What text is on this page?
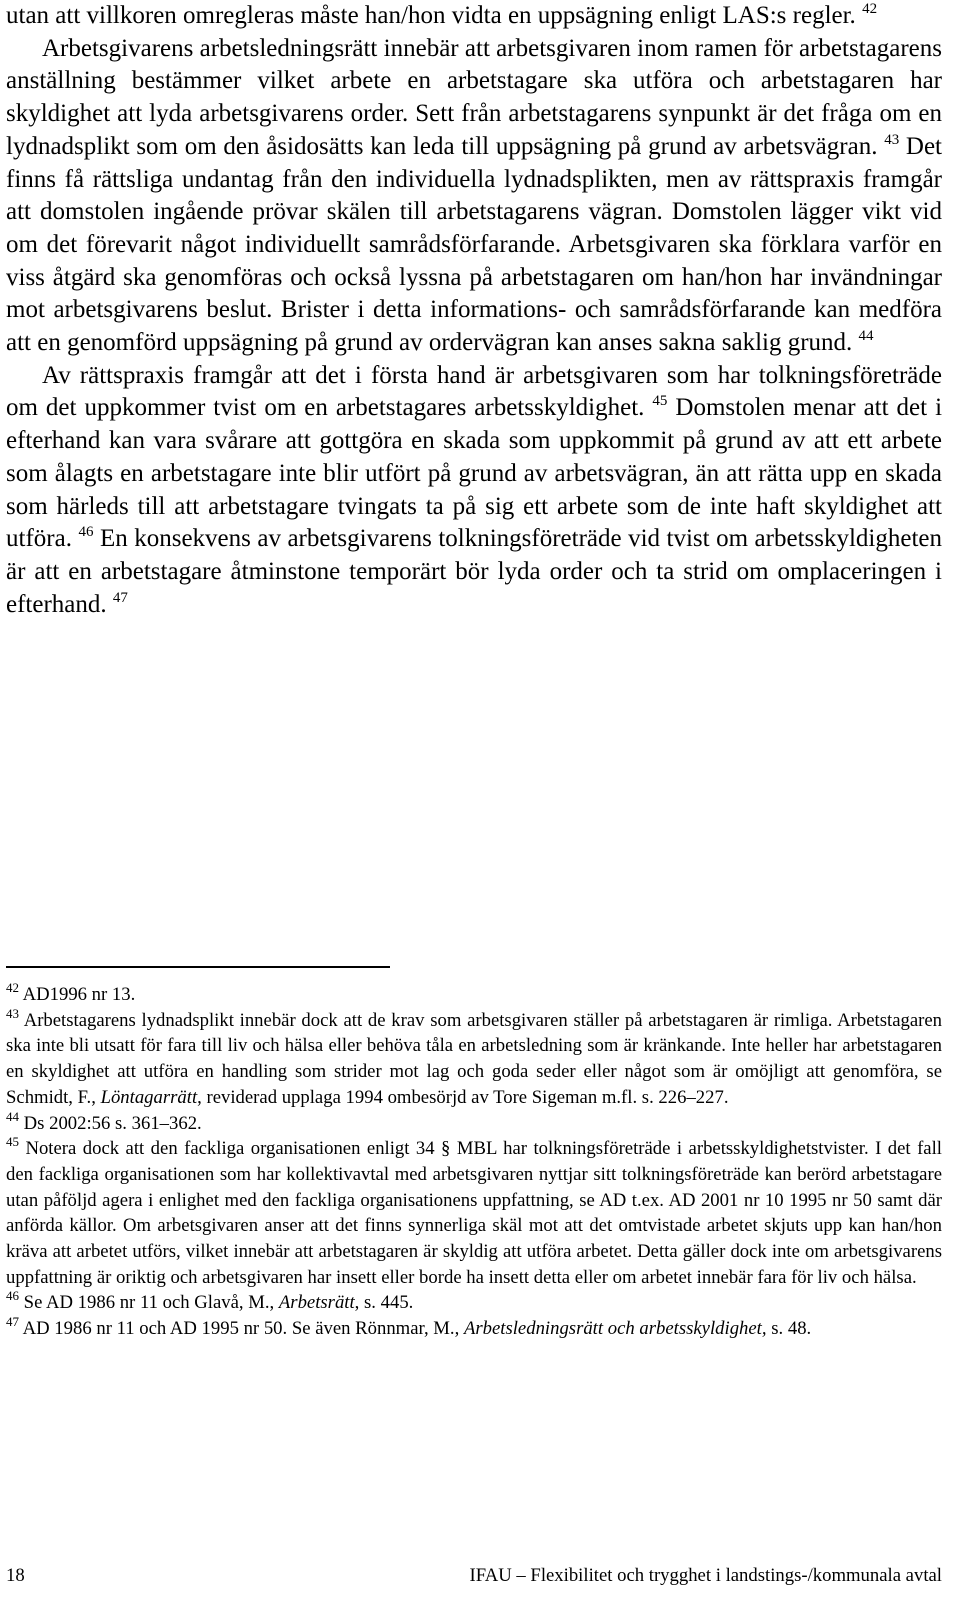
utan att villkoren omregleras måste han/hon vidta en uppsägning enligt LAS:s regler. $^{42}$

Arbetsgivarens arbetsledningsrätt innebär att arbetsgivaren inom ramen för arbetstagarens anställning bestämmer vilket arbete en arbetstagare ska utföra och arbetstagaren har skyldighet att lyda arbetsgivarens order. Sett från arbetstagarens synpunkt är det fråga om en lydnadsplikt som om den åsidosätts kan leda till uppsägning på grund av arbetsvägran. $^{43}$ Det finns få rättsliga undantag från den individuella lydnadsplikten, men av rättspraxis framgår att domstolen ingående prövar skälen till arbetstagarens vägran. Domstolen lägger vikt vid om det förevarit något individuellt samrådsförfarande. Arbetsgivaren ska förklara varför en viss åtgärd ska genomföras och också lyssna på arbetstagaren om han/hon har invändningar mot arbetsgivarens beslut. Brister i detta informations- och samrådsförfarande kan medföra att en genomförd uppsägning på grund av ordervägran kan anses sakna saklig grund. $^{44}$

Av rättspraxis framgår att det i första hand är arbetsgivaren som har tolkningsföreträde om det uppkommer tvist om en arbetstagares arbetsskyldighet. $^{45}$ Domstolen menar att det i efterhand kan vara svårare att gottgöra en skada som uppkommit på grund av att ett arbete som ålagts en arbetstagare inte blir utfört på grund av arbetsvägran, än att rätta upp en skada som härleds till att arbetstagare tvingats ta på sig ett arbete som de inte haft skyldighet att utföra. $^{46}$ En konsekvens av arbetsgivarens tolkningsföreträde vid tvist om arbetsskyldigheten är att en arbetstagare åtminstone temporärt bör lyda order och ta strid om omplaceringen i efterhand. $^{47}$

$^{42}$ AD1996 nr 13.

$^{43}$ Arbetstagarens lydnadsplikt innebär dock att de krav som arbetsgivaren ställer på arbetstagaren är rimliga. Arbetstagaren ska inte bli utsatt för fara till liv och hälsa eller behöva tåla en arbetsledning som är kränkande. Inte heller har arbetstagaren en skyldighet att utföra en handling som strider mot lag och goda seder eller något som är omöjligt att genomföra, se Schmidt, F., Löntagarrätt, reviderad upplaga 1994 ombesörjd av Tore Sigeman m.fl. s. 226–227.

$^{44}$ Ds 2002:56 s. 361–362.

$^{45}$ Notera dock att den fackliga organisationen enligt 34 § MBL har tolkningsföreträde i arbetsskyldighetstvister. I det fall den fackliga organisationen som har kollektivavtal med arbetsgivaren nyttjar sitt tolkningsföreträde kan berörd arbetstagare utan påföljd agera i enlighet med den fackliga organisationens uppfattning, se AD t.ex. AD 2001 nr 10 1995 nr 50 samt där anförda källor. Om arbetsgivaren anser att det finns synnerliga skäl mot att det omtvistade arbetet skjuts upp kan han/hon kräva att arbetet utförs, vilket innebär att arbetstagaren är skyldig att utföra arbetet. Detta gäller dock inte om arbetsgivarens uppfattning är oriktig och arbetsgivaren har insett eller borde ha insett detta eller om arbetet innebär fara för liv och hälsa.

$^{46}$ Se AD 1986 nr 11 och Glavå, M., Arbetsrätt, s. 445.

$^{47}$ AD 1986 nr 11 och AD 1995 nr 50. Se även Rönnmar, M., Arbetsledningsrätt och arbetsskyldighet, s. 48.

18	IFAU – Flexibilitet och trygghet i landstings-/kommunala avtal
